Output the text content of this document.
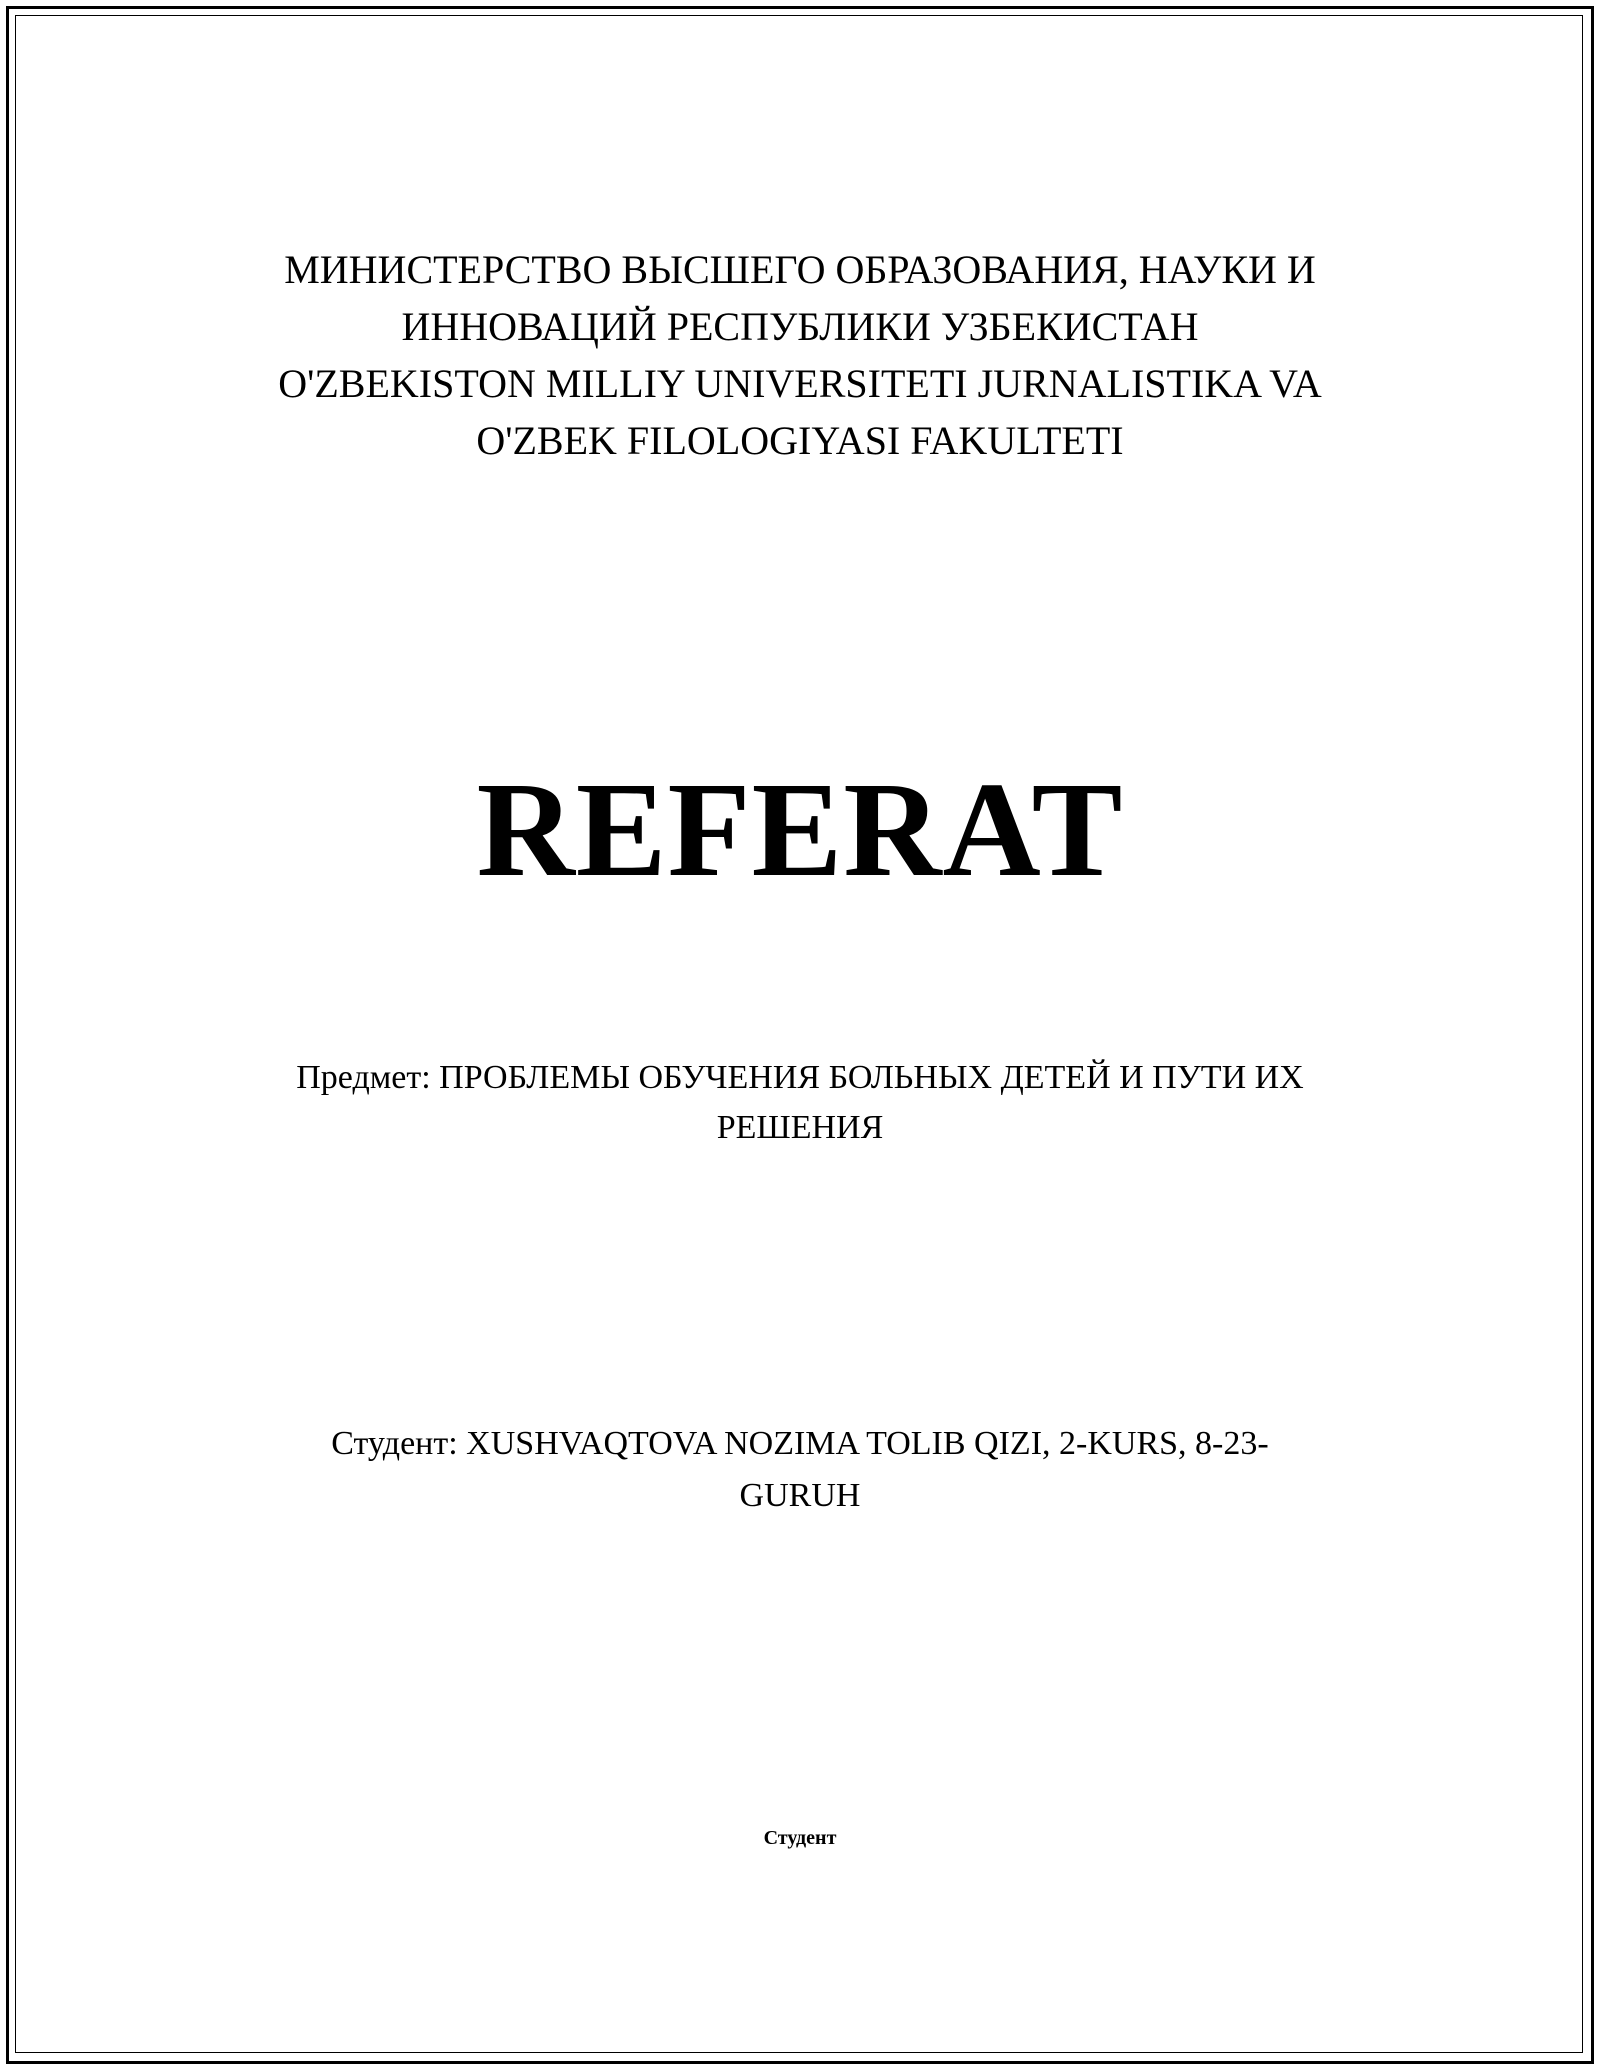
МИНИСТЕРСТВО ВЫСШЕГО ОБРАЗОВАНИЯ, НАУКИ И
ИННОВАЦИЙ РЕСПУБЛИКИ УЗБЕКИСТАН
O'ZBEKISTON MILLIY UNIVERSITETI JURNALISTIKA VA
O'ZBEK FILOLOGIYASI FAKULTETI
REFERAT
Предмет: ПРОБЛЕМЫ ОБУЧЕНИЯ БОЛЬНЫХ ДЕТЕЙ И ПУТИ ИХ
РЕШЕНИЯ
Студент: XUSHVAQTOVA NOZIMA TOLIB QIZI, 2-KURS, 8-23-
GURUH
Студент
